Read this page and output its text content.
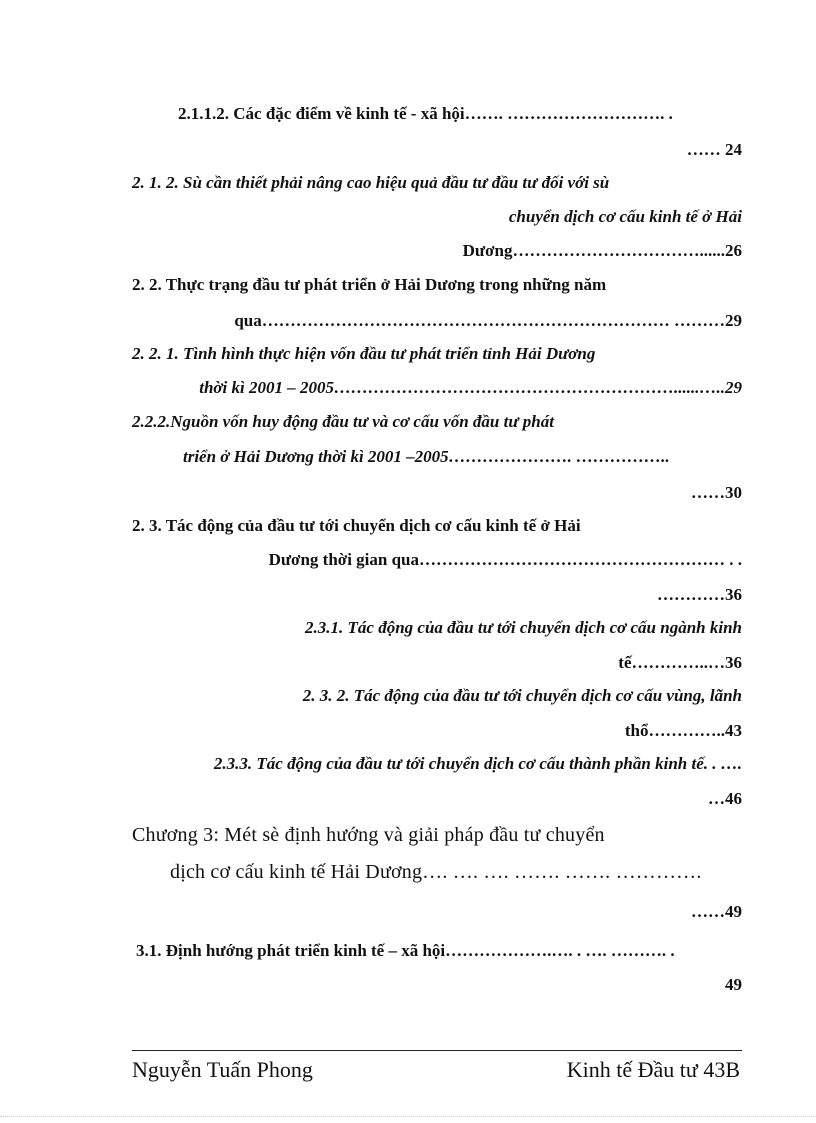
2.1.1.2. Các đặc điểm về kinh tế - xã hội……. ………………………. .
…… 24
2. 1. 2. Sù cần thiết phải nâng cao hiệu quả đầu tư đầu tư đối với sù
chuyển dịch cơ cấu kinh tế ở Hải
Dương……………………………......26
2. 2. Thực trạng đầu tư phát triển ở Hải Dương trong những năm
qua……………………………………………………………… ………29
2. 2. 1. Tình hình thực hiện vốn đầu tư phát triển tỉnh Hải Dương
thời kì 2001 – 2005……………………………………………………......…..29
2.2.2.Nguồn vốn huy động đầu tư và cơ cấu vốn đầu tư phát
triển ở Hải Dương thời kì 2001 –2005…………………. ……………..
……30
2. 3. Tác động của đầu tư tới chuyển dịch cơ cấu kinh tế ở Hải
Dương thời gian qua……………………………………………… . .
…………36
2.3.1. Tác động của đầu tư tới chuyển dịch cơ cấu ngành kinh
tế…………..…36
2. 3. 2. Tác động của đầu tư tới chuyển dịch cơ cấu vùng, lãnh
thổ…………..43
2.3.3. Tác động của đầu tư tới chuyển dịch cơ cấu thành phần kinh tế. . ….
…46
Chương 3: Mét sè định hướng và giải pháp đầu tư chuyển
dịch cơ cấu kinh tế Hải Dương…. …. …. ……. ……. ………….
……49
3.1. Định hướng phát triển kinh tế – xã hội……………….…. . …. ………. .
49
Nguyễn Tuấn Phong	Kinh tế Đầu tư 43B
